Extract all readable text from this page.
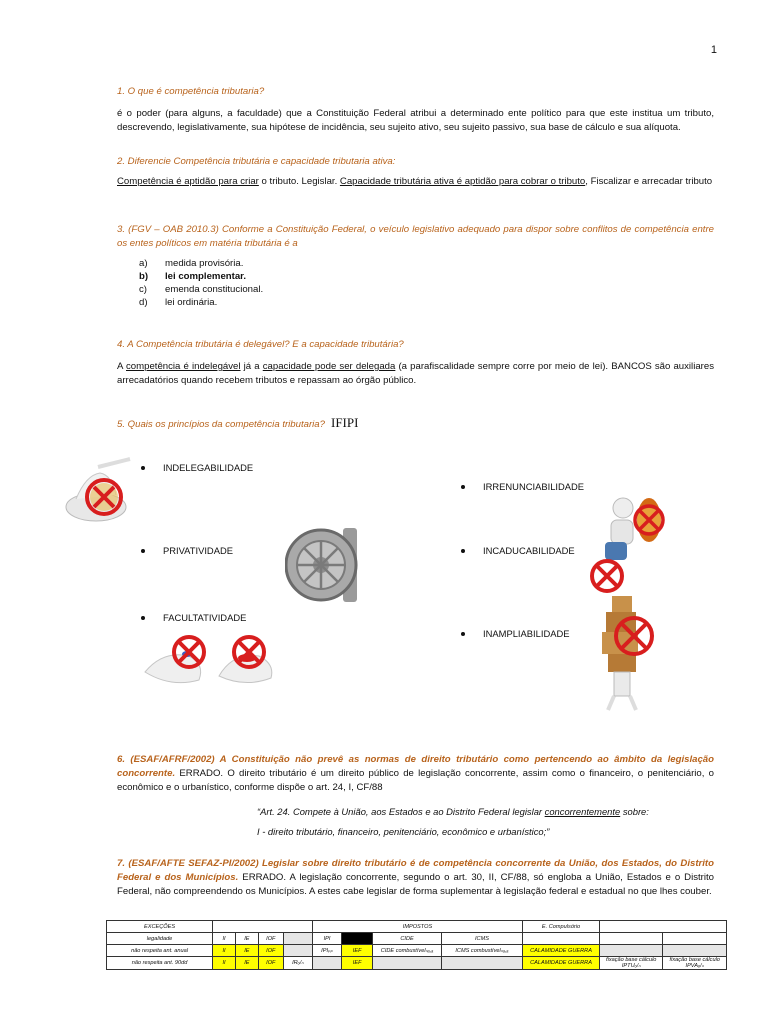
1

1. O que é competência tributaria?

é o poder (para alguns, a faculdade) que a Constituição Federal atribui a determinado ente político para que este institua um tributo, descrevendo, legislativamente, sua hipótese de incidência, seu sujeito ativo, seu sujeito passivo, sua base de cálculo e sua alíquota.

2. Diferencie Competência tributária e capacidade tributaria ativa:

Competência é aptidão para criar o tributo. Legislar. Capacidade tributária ativa é aptidão para cobrar o tributo, Fiscalizar e arrecadar tributo

3. (FGV – OAB 2010.3) Conforme a Constituição Federal, o veículo legislativo adequado para dispor sobre conflitos de competência entre os entes políticos em matéria tributária é a

a)	medida provisória.
b)	lei complementar.
c)	emenda constitucional.
d)	lei ordinária.

4. A Competência tributária é delegável? E a capacidade tributária?

A competência é indelegável já a capacidade pode ser delegada (a parafiscalidade sempre corre por meio de lei). BANCOS são auxiliares arrecadatórios quando recebem tributos e repassam ao órgão público.

5. Quais os princípios da competência tributaria? IFIPI

6. (ESAF/AFRF/2002) A Constituição não prevê as normas de direito tributário como pertencendo ao âmbito da legislação concorrente. ERRADO. O direito tributário é um direito público de legislação concorrente, assim como o financeiro, o penitenciário, o econômico e o urbanístico, conforme dispõe o art. 24, I, CF/88

“Art. 24. Compete à União, aos Estados e ao Distrito Federal legislar concorrentemente sobre:

I - direito tributário, financeiro, penitenciário, econômico e urbanístico;”

7. (ESAF/AFTE SEFAZ-PI/2002) Legislar sobre direito tributário é de competência concorrente da União, dos Estados, do Distrito Federal e dos Municípios. ERRADO. A legislação concorrente, segundo o art. 30, II, CF/88, só engloba a União, Estados e o Distrito Federal, não compreendendo os Municípios. A estes cabe legislar de forma suplementar à legislação federal e estadual no que lhes couber.

INDELEGABILIDADE
IRRENUNCIABILIDADE
PRIVATIVIDADE	INCADUCABILIDADE
FACULTATIVIDADE
INAMPLIABILIDADE
EXCEÇÕES					IMPOSTOS				E. Compulsório		
legalidade	II	IE	IOF		IPI		CIDE	ICMS			
não respeita ant. anual	II	IE	IOF		IPIₚₚ	IEF	CIDE combustívelₙₐ,ₐ	ICMS combustívelₙₐ,ₐ	CALAMIDADE GUERRA		
não respeita ant. 90dd	II	IE	IOF	IRₒ/ₙ		IEF			CALAMIDADE GUERRA	fixação base cálculo IPTUₒ/ₙ	fixação base cálculo IPVAₒ/ₙ
